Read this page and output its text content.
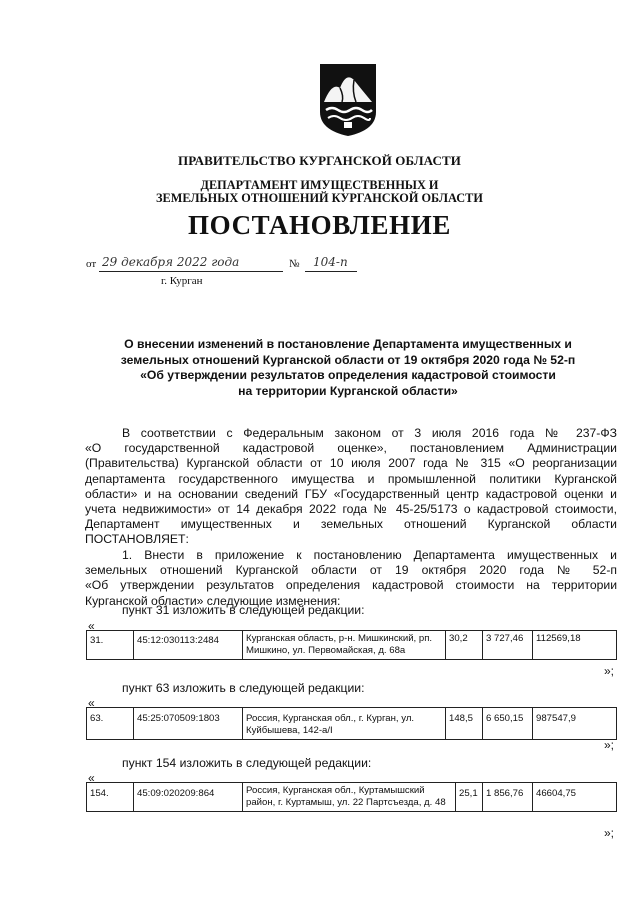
ПРАВИТЕЛЬСТВО КУРГАНСКОЙ ОБЛАСТИ
ДЕПАРТАМЕНТ ИМУЩЕСТВЕННЫХ И
ЗЕМЕЛЬНЫХ ОТНОШЕНИЙ КУРГАНСКОЙ ОБЛАСТИ
ПОСТАНОВЛЕНИЕ
от 29 декабря 2022 года	№ 104-п
г. Курган
О внесении изменений в постановление Департамента имущественных и
земельных отношений Курганской области от 19 октября 2020 года № 52-п
«Об утверждении результатов определения кадастровой стоимости
на территории Курганской области»
В соответствии с Федеральным законом от 3 июля 2016 года № 237-ФЗ
«О государственной кадастровой оценке», постановлением Администрации
(Правительства) Курганской области от 10 июля 2007 года № 315 «О реорганизации
департамента государственного имущества и промышленной политики Курганской
области» и на основании сведений ГБУ «Государственный центр кадастровой оценки и
учета недвижимости» от 14 декабря 2022 года № 45-25/5173 о кадастровой стоимости,
Департамент имущественных и земельных отношений Курганской области
ПОСТАНОВЛЯЕТ:
1. Внести в приложение к постановлению Департамента имущественных и
земельных отношений Курганской области от 19 октября 2020 года № 52-п
«Об утверждении результатов определения кадастровой стоимости на территории
Курганской области» следующие изменения:
пункт 31 изложить в следующей редакции:
«
31.	45:12:030113:2484	Курганская область, р-н. Мишкинский, рп. Мишкино, ул. Первомайская, д. 68а	30,2	3 727,46	112569,18
»;
пункт 63 изложить в следующей редакции:
«
63.	45:25:070509:1803	Россия, Курганская обл., г. Курган, ул. Куйбышева, 142-а/I	148,5	6 650,15	987547,9
»;
пункт 154 изложить в следующей редакции:
«
154.	45:09:020209:864	Россия, Курганская обл., Куртамышский район, г. Куртамыш, ул. 22 Партсъезда, д. 48	25,1	1 856,76	46604,75
»;
